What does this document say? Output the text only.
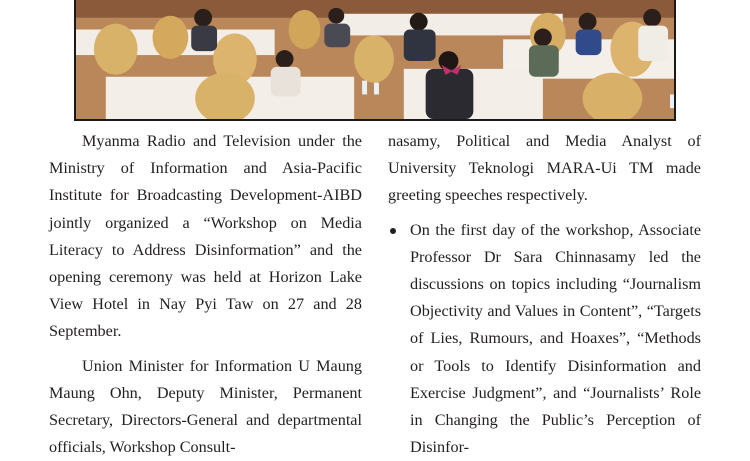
Myanma Radio and Television under the Ministry of Information and Asia-Pacific Institute for Broadcasting Development-AIBD jointly organized a “Workshop on Media Literacy to Address Disinformation” and the opening ceremony was held at Horizon Lake View Hotel in Nay Pyi Taw on 27 and 28 September.

Union Minister for Information U Maung Maung Ohn, Deputy Minister, Permanent Secretary, Directors-General and departmental officials, Workshop Consult-

nasamy, Political and Media Analyst of University Teknologi MARA-Ui TM made greeting speeches respectively.

On the first day of the workshop, Associate Professor Dr Sara Chinnasamy led the discussions on topics including “Journalism Objectivity and Values in Content”, “Targets of Lies, Rumours, and Hoaxes”, “Methods or Tools to Identify Disinformation and Exercise Judgment”, and “Journalists’ Role in Changing the Public’s Perception of Disinfor-
